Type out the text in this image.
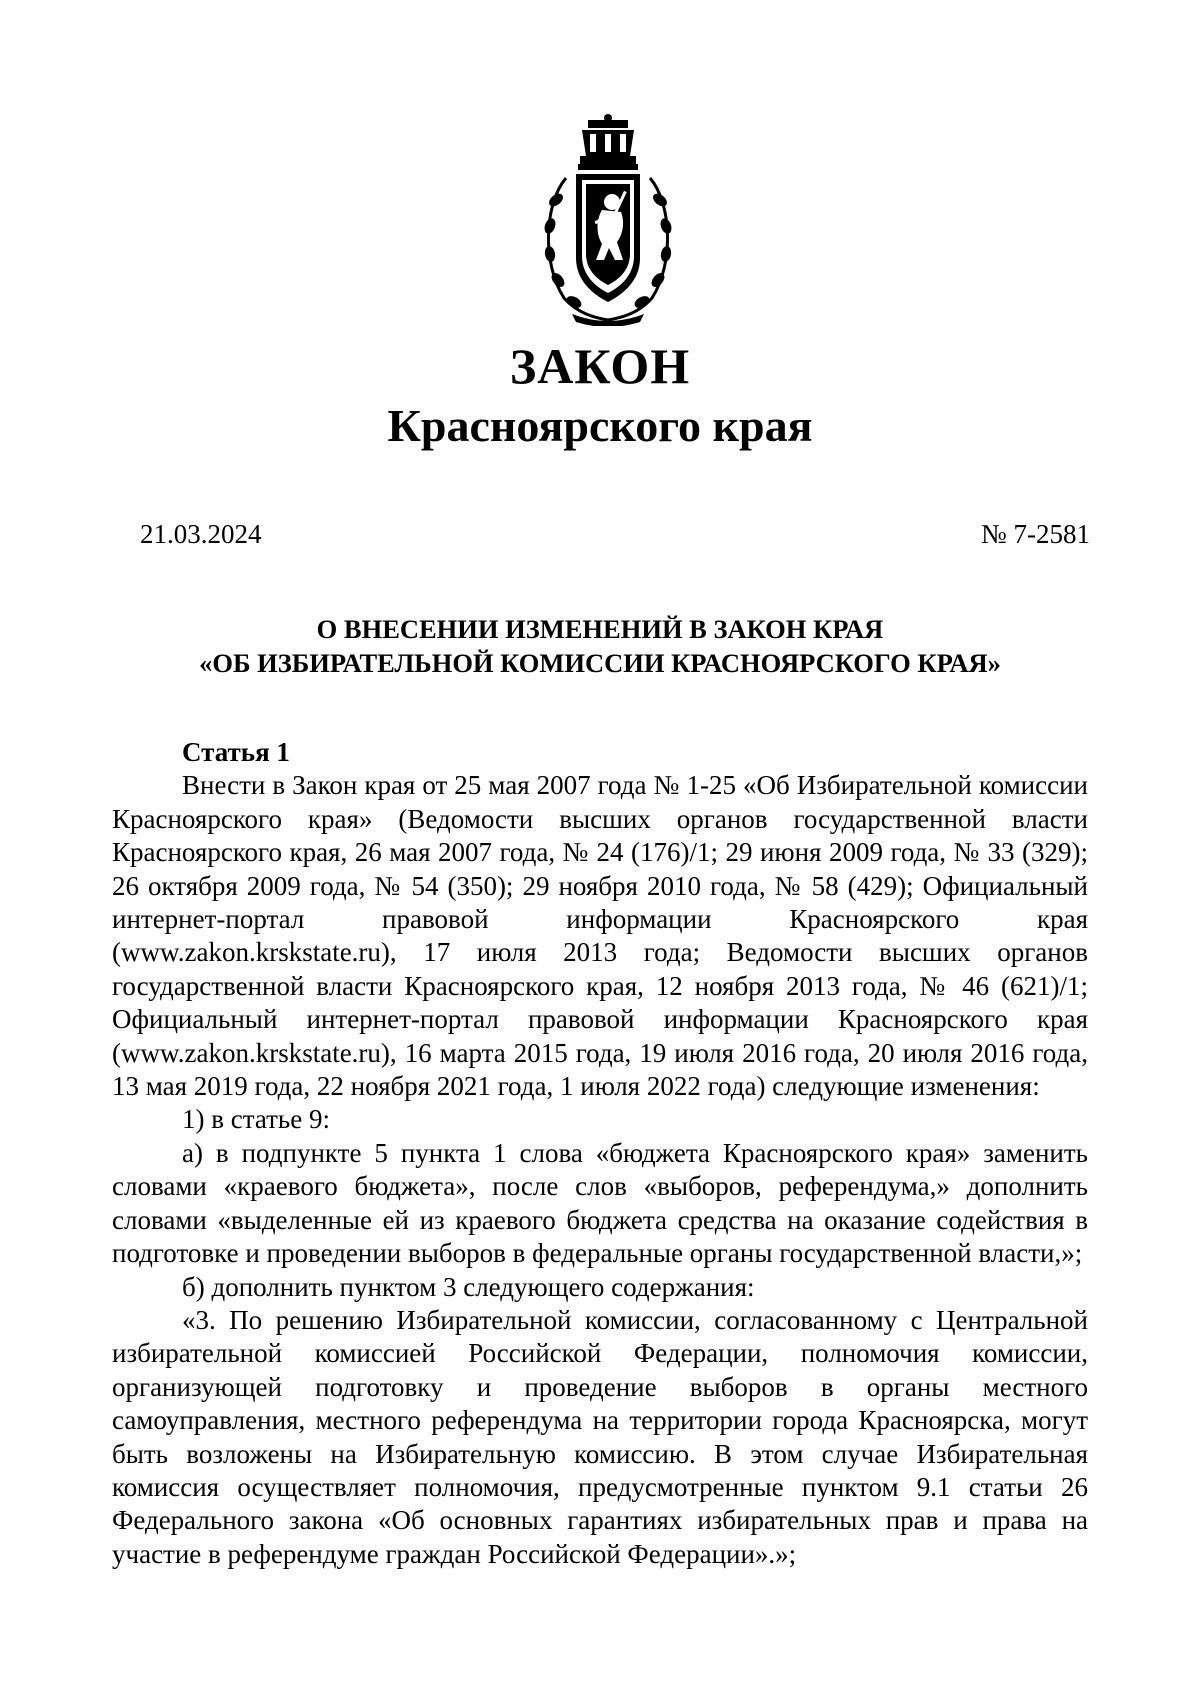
ЗАКОН
Красноярского края
21.03.2024	№ 7-2581
О ВНЕСЕНИИ ИЗМЕНЕНИЙ В ЗАКОН КРАЯ
«ОБ ИЗБИРАТЕЛЬНОЙ КОМИССИИ КРАСНОЯРСКОГО КРАЯ»

Статья 1

Внести в Закон края от 25 мая 2007 года № 1-25 «Об Избирательной комиссии Красноярского края» (Ведомости высших органов государственной власти Красноярского края, 26 мая 2007 года, № 24 (176)/1; 29 июня 2009 года, № 33 (329); 26 октября 2009 года, № 54 (350); 29 ноября 2010 года, № 58 (429); Официальный интернет-портал правовой информации Красноярского края (www.zakon.krskstate.ru), 17 июля 2013 года; Ведомости высших органов государственной власти Красноярского края, 12 ноября 2013 года, № 46 (621)/1; Официальный интернет-портал правовой информации Красноярского края (www.zakon.krskstate.ru), 16 марта 2015 года, 19 июля 2016 года, 20 июля 2016 года, 13 мая 2019 года, 22 ноября 2021 года, 1 июля 2022 года) следующие изменения:

1) в статье 9:

а) в подпункте 5 пункта 1 слова «бюджета Красноярского края» заменить словами «краевого бюджета», после слов «выборов, референдума,» дополнить словами «выделенные ей из краевого бюджета средства на оказание содействия в подготовке и проведении выборов в федеральные органы государственной власти,»;

б) дополнить пунктом 3 следующего содержания:

«3. По решению Избирательной комиссии, согласованному с Центральной избирательной комиссией Российской Федерации, полномочия комиссии, организующей подготовку и проведение выборов в органы местного самоуправления, местного референдума на территории города Красноярска, могут быть возложены на Избирательную комиссию. В этом случае Избирательная комиссия осуществляет полномочия, предусмотренные пунктом 9.1 статьи 26 Федерального закона «Об основных гарантиях избирательных прав и права на участие в референдуме граждан Российской Федерации».»;
